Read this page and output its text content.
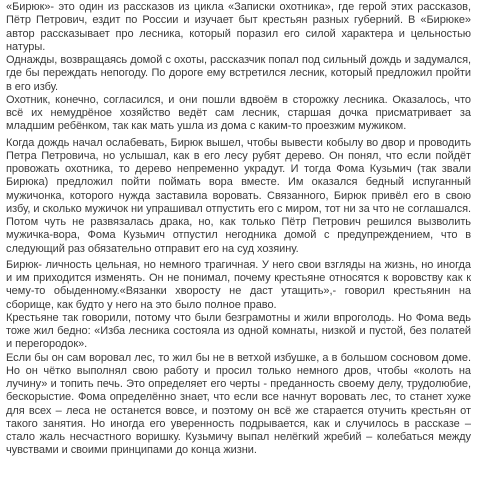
«Бирюк»- это один из рассказов из цикла «Записки охотника», где герой этих рассказов, Пётр Петрович, ездит по России и изучает быт крестьян разных губерний. В «Бирюке» автор рассказывает про лесника, который поразил его силой характера и цельностью натуры.

Однажды, возвращаясь домой с охоты, рассказчик попал под сильный дождь и задумался, где бы переждать непогоду. По дороге ему встретился лесник, который предложил пройти в его избу.

Охотник, конечно, согласился, и они пошли вдвоём в сторожку лесника. Оказалось, что всё их немудрёное хозяйство ведёт сам лесник, старшая дочка присматривает за младшим ребёнком, так как мать ушла из дома с каким-то проезжим мужиком.

Когда дождь начал ослабевать, Бирюк вышел, чтобы вывести кобылу во двор и проводить Петра Петровича, но услышал, как в его лесу рубят дерево. Он понял, что если пойдёт провожать охотника, то дерево непременно украдут. И тогда Фома Кузьмич (так звали Бирюка) предложил пойти поймать вора вместе. Им оказался бедный испуганный мужичонка, которого нужда заставила воровать. Связанного, Бирюк привёл его в свою избу, и сколько мужичок ни упрашивал отпустить его с миром, тот ни за что не соглашался. Потом чуть не развязалась драка, но, как только Пётр Петрович решился вызволить мужичка-вора, Фома Кузьмич отпустил негодника домой с предупреждением, что в следующий раз обязательно отправит его на суд хозяину.

Бирюк- личность цельная, но немного трагичная. У него свои взгляды на жизнь, но иногда и им приходится изменять. Он не понимал, почему крестьяне относятся к воровству как к чему-то обыденному.«Вязанки хворосту не даст утащить»,- говорил крестьянин на сборище, как будто у него на это было полное право.

Крестьяне так говорили, потому что были безграмотны и жили впроголодь. Но Фома ведь тоже жил бедно: «Изба лесника состояла из одной комнаты, низкой и пустой, без полатей и перегородок».

Если бы он сам воровал лес, то жил бы не в ветхой избушке, а в большом сосновом доме. Но он чётко выполнял свою работу и просил только немного дров, чтобы «колоть на лучину» и топить печь. Это определяет его черты - преданность своему делу, трудолюбие, бескорыстие. Фома определённо знает, что если все начнут воровать лес, то станет хуже для всех – леса не останется вовсе, и поэтому он всё же старается отучить крестьян от такого занятия. Но иногда его уверенность подрывается, как и случилось в рассказе – стало жаль несчастного воришку. Кузьмичу выпал нелёгкий жребий – колебаться между чувствами и своими принципами до конца жизни.
